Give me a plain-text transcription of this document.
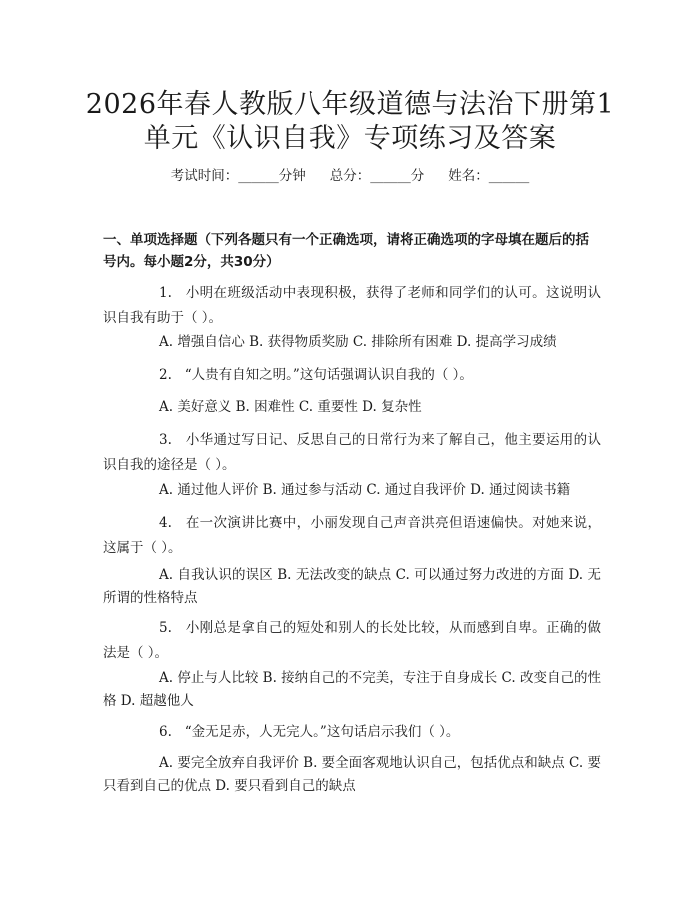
2026年春人教版八年级道德与法治下册第1
单元《认识自我》专项练习及答案
考试时间：______分钟 总分：______分 姓名：______

一、单项选择题（下列各题只有一个正确选项，请将正确选项的字母填在题后的括号内。每小题2分，共30分）

1. 小明在班级活动中表现积极，获得了老师和同学们的认可。这说明认识自我有助于（ ）。

A. 增强自信心 B. 获得物质奖励 C. 排除所有困难 D. 提高学习成绩

2. “人贵有自知之明。”这句话强调认识自我的（ ）。

A. 美好意义 B. 困难性 C. 重要性 D. 复杂性

3. 小华通过写日记、反思自己的日常行为来了解自己，他主要运用的认识自我的途径是（ ）。

A. 通过他人评价 B. 通过参与活动 C. 通过自我评价 D. 通过阅读书籍

4. 在一次演讲比赛中，小丽发现自己声音洪亮但语速偏快。对她来说，这属于（ ）。

A. 自我认识的误区 B. 无法改变的缺点 C. 可以通过努力改进的方面 D. 无所谓的性格特点

5. 小刚总是拿自己的短处和别人的长处比较，从而感到自卑。正确的做法是（ ）。

A. 停止与人比较 B. 接纳自己的不完美，专注于自身成长 C. 改变自己的性格 D. 超越他人

6. “金无足赤，人无完人。”这句话启示我们（ ）。

A. 要完全放弃自我评价 B. 要全面客观地认识自己，包括优点和缺点 C. 要只看到自己的优点 D. 要只看到自己的缺点
